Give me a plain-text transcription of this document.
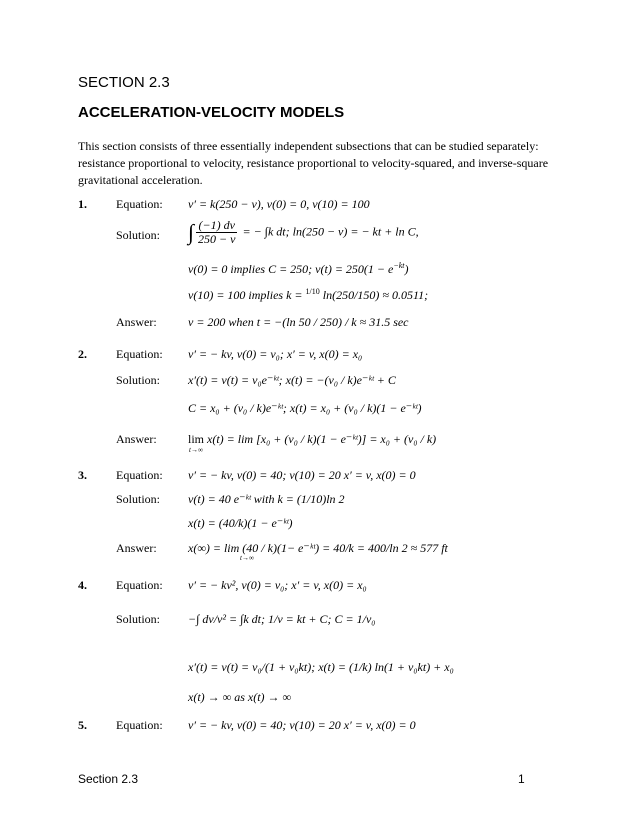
SECTION 2.3
ACCELERATION-VELOCITY MODELS
This section consists of three essentially independent subsections that can be studied separately: resistance proportional to velocity, resistance proportional to velocity-squared, and inverse-square gravitational acceleration.
1. Equation: v′ = k(250 − v), v(0) = 0, v(10) = 100
Solution: ∫ $\frac{(-1) dv}{250 - v}$ = − ∫k dt; ln(250 − v) = − kt + ln C,
v(0) = 0 implies C = 250; $v(t) = 250(1 - e^{-kt})$
v(10) = 100 implies k = $^{1/10}$ ln(250/150) ≈ 0.0511;
Answer:	v = 200 when t = −(ln 50 / 250) / k ≈ 31.5 sec
2. Equation: v′ = − kv, v(0) = v₀; x′ = v, x(0) = x₀
Solution: x′(t) = v(t) = v₀e⁻ᵏᵗ; x(t) = −(v₀ / k)e⁻ᵏᵗ + C
C = x₀ + (v₀ / k)e⁻ᵏᵗ; x(t) = x₀ + (v₀ / k)(1 − e⁻ᵏᵗ)
Answer:	lim
t→∞
x(t) = lim [x₀ + (v₀ / k)(1 − e⁻ᵏᵗ)] = x₀ + (v₀ / k)
3. Equation: v′ = − kv, v(0) = 40; v(10) = 20 x′ = v, x(0) = 0
Solution: v(t) = 40 e⁻ᵏᵗ with k = (1/10)ln 2
x(t) = (40/k)(1 − e⁻ᵏᵗ)
Answer:	x(∞) = lim (40 / k)(1− e⁻ᵏᵗ) = 40/k = 400/ln 2 ≈ 577 ft
t→∞
4. Equation: v′ = − kv², v(0) = v₀; x′ = v, x(0) = x₀
Solution: −∫ dv/v² = ∫k dt; 1/v = kt + C; C = 1/v₀
x′(t) = v(t) = v₀/(1 + v₀kt); x(t) = (1/k) ln(1 + v₀kt) + x₀
x(t) → ∞ as x(t) → ∞
5. Equation: v′ = − kv, v(0) = 40; v(10) = 20 x′ = v, x(0) = 0
Section 2.3	1
